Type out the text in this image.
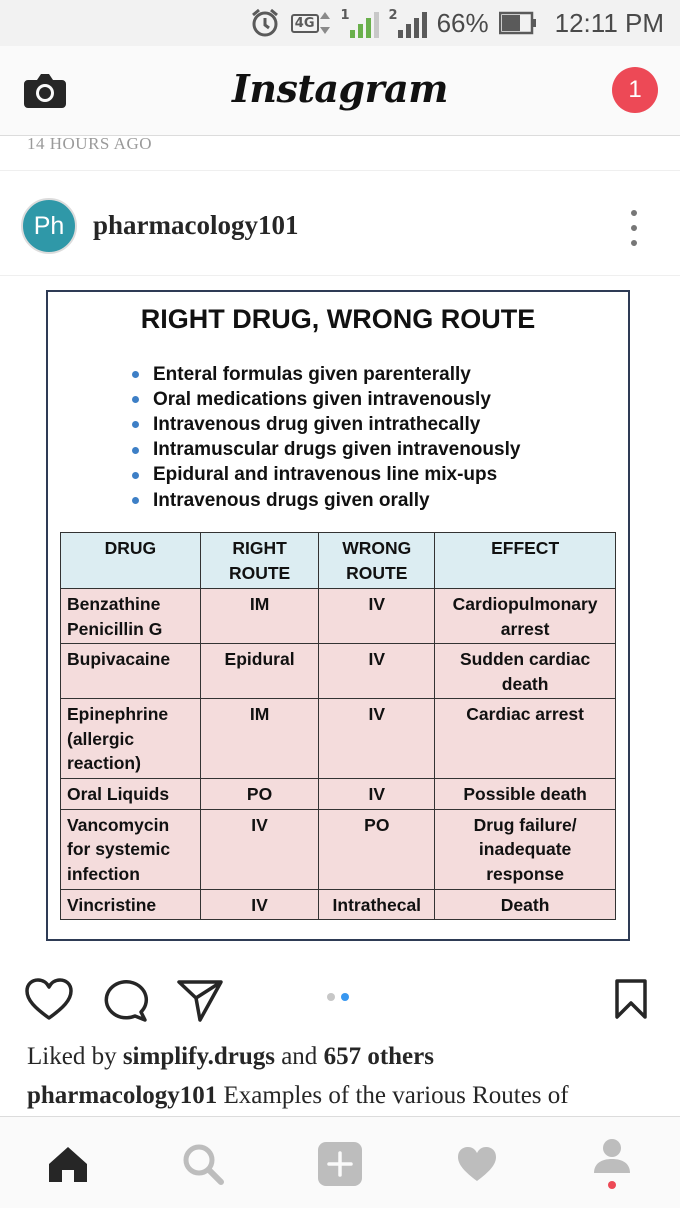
4G	1	2 66%	12:11 PM
Instagram	1
14 HOURS AGO
Ph	pharmacology101
RIGHT DRUG, WRONG ROUTE
Enteral formulas given parenterally
Oral medications given intravenously
Intravenous drug given intrathecally
Intramuscular drugs given intravenously
Epidural and intravenous line mix-ups
Intravenous drugs given orally
DRUG	RIGHT ROUTE	WRONG ROUTE	EFFECT
Benzathine Penicillin G	IM	IV	Cardiopulmonary arrest
Bupivacaine	Epidural	IV	Sudden cardiac death
Epinephrine (allergic reaction)	IM	IV	Cardiac arrest
Oral Liquids	PO	IV	Possible death
Vancomycin for systemic infection	IV	PO	Drug failure/ inadequate response
Vincristine	IV	Intrathecal	Death
Liked by simplify.drugs and 657 others
pharmacology101 Examples of the various Routes of
